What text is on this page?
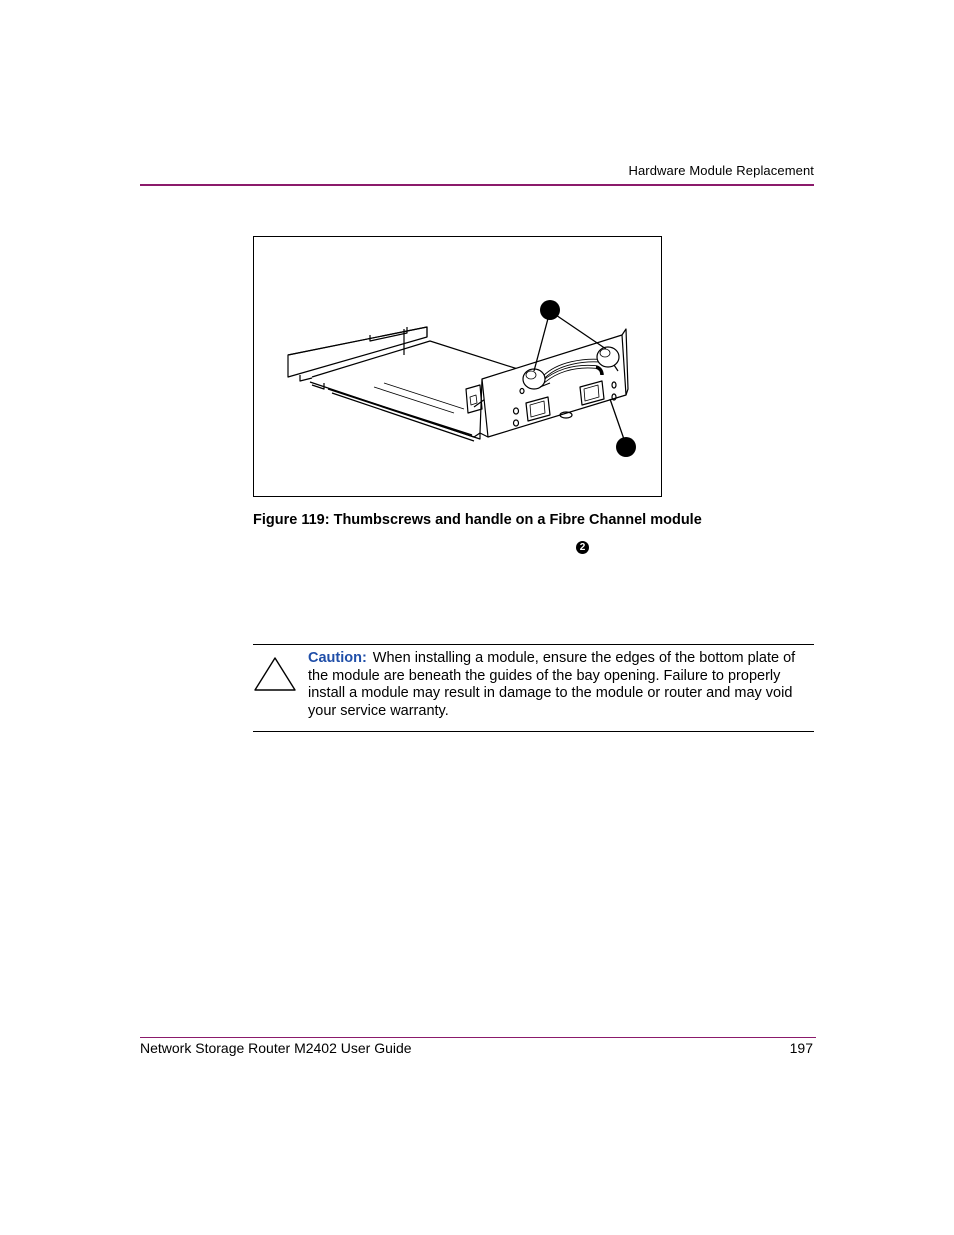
Hardware Module Replacement
Figure 119: Thumbscrews and handle on a Fibre Channel module
2
Caution: When installing a module, ensure the edges of the bottom plate of the module are beneath the guides of the bay opening. Failure to properly install a module may result in damage to the module or router and may void your service warranty.
Network Storage Router M2402 User Guide	197
